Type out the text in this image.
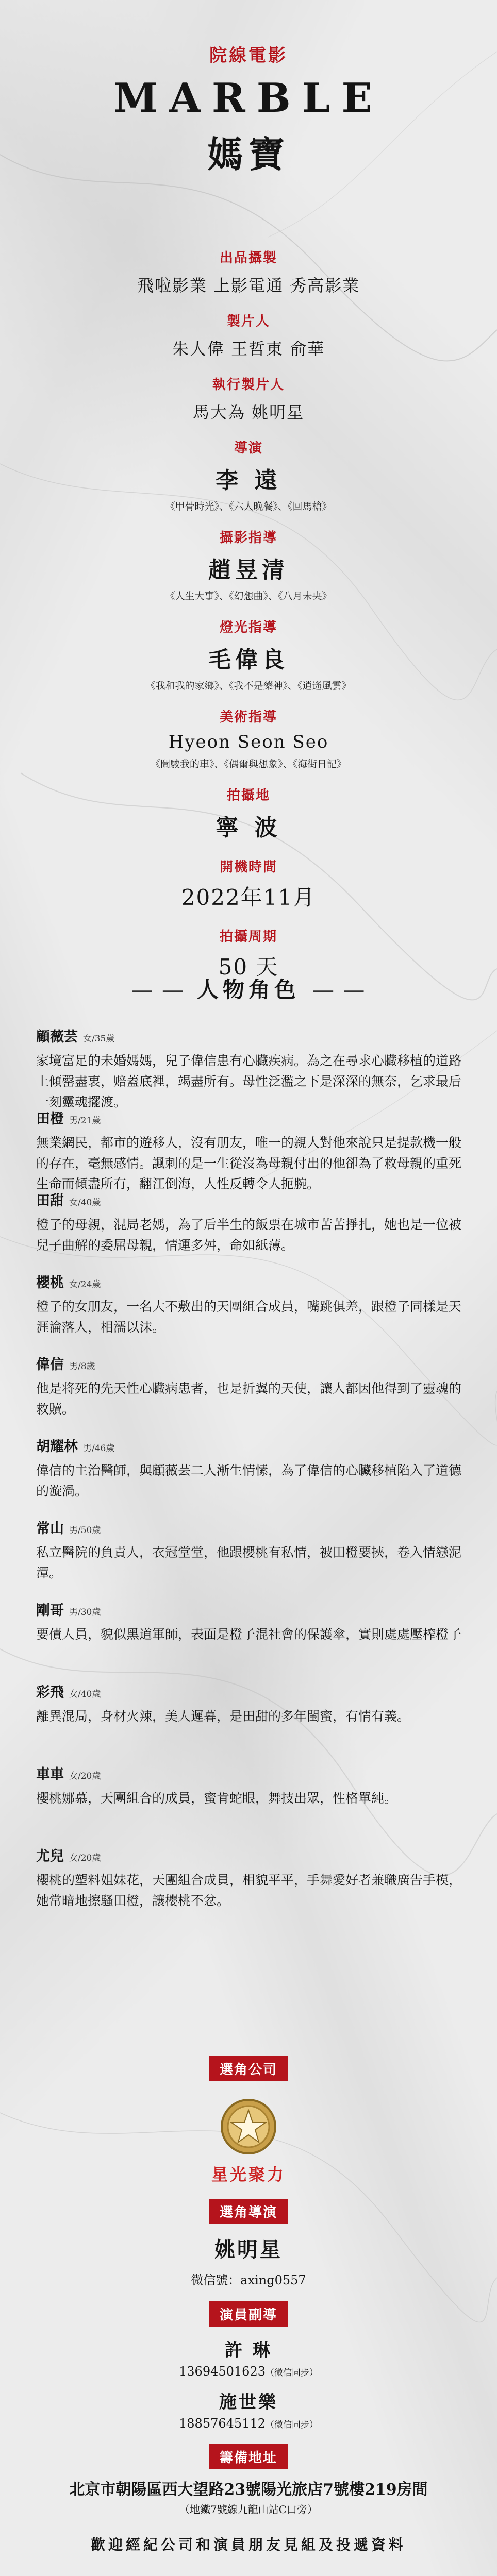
院線電影
MARBLE
媽寶
出品攝製
飛啦影業 上影電通 秀高影業
製片人
朱人偉 王哲東 俞華
執行製片人
馬大為 姚明星
導演
李 遠
《甲骨時光》、《六人晚餐》、《回馬槍》
攝影指導
趙昱清
《人生大事》、《幻想曲》、《八月未央》
燈光指導
毛偉良
《我和我的家鄉》、《我不是藥神》、《逍遙風雲》
美術指導
Hyeon Seon Seo
《鬧駿我的車》、《偶爾與想象》、《海街日記》
拍攝地
寧 波
開機時間
2022年11月
拍攝周期
50 天
— — 人物角色 — —
顧薇芸 女/35歲
家境富足的未婚媽媽，兒子偉信患有心臟疾病。為之在尋求心臟移植的道路上傾罄盡衷，赔蓋底裡，竭盡所有。母性泛濫之下是深深的無奈，乞求最后一刻靈魂擺渡。
田橙 男/21歲
無業網民，都市的遊移人，沒有朋友，唯一的親人對他來說只是提款機一般的存在，毫無感情。諷刺的是一生從沒為母親付出的他卻為了救母親的重死生命而傾盡所有，翻江倒海，人性反轉令人扼腕。
田甜 女/40歲
橙子的母親，混局老媽，為了后半生的飯票在城市苦苦掙扎，她也是一位被兒子曲解的委屈母親，情運多舛，命如紙薄。
櫻桃 女/24歲
橙子的女朋友，一名大不敷出的天團組合成員，嘴跳俱差，跟橙子同樣是天涯淪落人，相濡以沫。
偉信 男/8歲
他是将死的先天性心臟病患者，也是折翼的天使，讓人都因他得到了靈魂的救贖。
胡耀林 男/46歲
偉信的主治醫師，與顧薇芸二人漸生情愫，為了偉信的心臟移植陷入了道德的漩渦。
常山 男/50歲
私立醫院的負責人，衣冠堂堂，他跟櫻桃有私情，被田橙要挾，卷入情戀泥潭。
剛哥 男/30歲
要債人員，貌似黑道軍師，表面是橙子混社會的保護傘，實則處處壓榨橙子
彩飛 女/40歲
離異混局，身材火辣，美人遲暮，是田甜的多年閨蜜，有情有義。
車車 女/20歲
櫻桃娜慕，天團組合的成員，蜜肯蛇眼，舞技出眾，性格單純。
尤兒 女/20歲
櫻桃的塑料姐妹花，天團組合成員，相貌平平，手舞愛好者兼職廣告手模，她常暗地擦騷田橙，讓櫻桃不忿。
選角公司
星光聚力
選角導演
姚明星
微信號：axing0557
演員副導
許 琳
13694501623（微信同步）
施世樂
18857645112（微信同步）
籌備地址
北京市朝陽區西大望路23號陽光旅店7號樓219房間
（地鐵7號線九龍山站C口旁）
歡迎經紀公司和演員朋友見組及投遞資料
